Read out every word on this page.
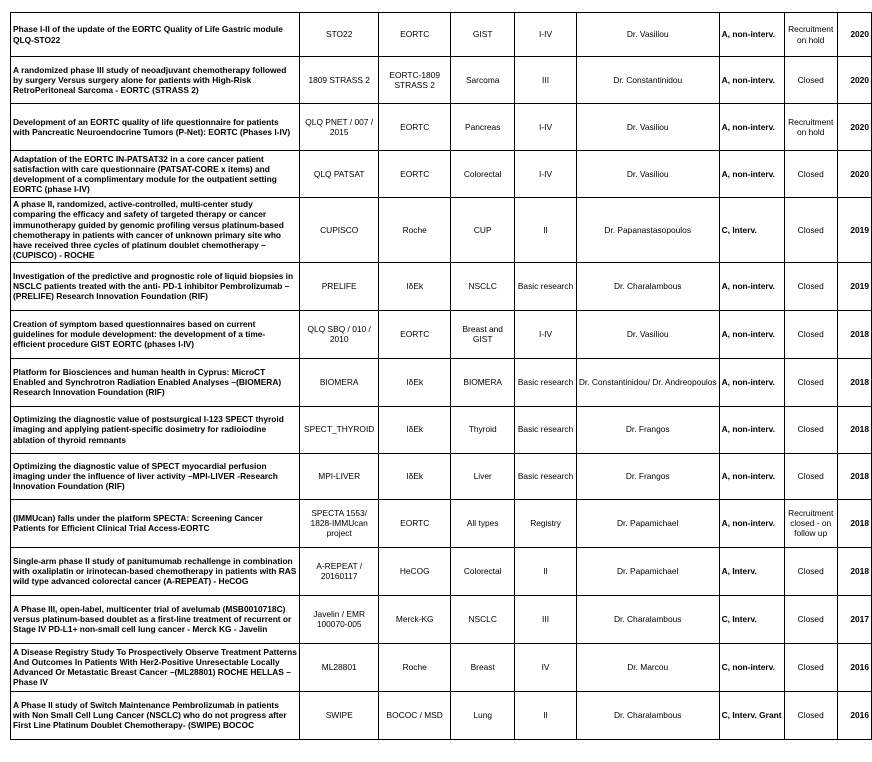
Phase I-II of the update of the EORTC Quality of Life Gastric module QLQ-STO22	STO22	EORTC	GIST	I-IV	Dr. Vasiliou	A, non-interv.	Recruitment on hold	2020
A randomized phase III study of neoadjuvant chemotherapy followed by surgery Versus surgery alone for patients with High-Risk RetroPeritoneal Sarcoma - EORTC (STRASS 2)	1809 STRASS 2	EORTC-1809 STRASS 2	Sarcoma	III	Dr. Constantinidou	A, non-interv.	Closed	2020
Development of an EORTC quality of life questionnaire for patients with Pancreatic Neuroendocrine Tumors (P-Net): EORTC (Phases I-IV)	QLQ PNET / 007 / 2015	EORTC	Pancreas	I-IV	Dr. Vasiliou	A, non-interv.	Recruitment on hold	2020
Adaptation of the EORTC IN-PATSAT32 in a core cancer patient satisfaction with care questionnaire (PATSAT-CORE x items) and development of a complimentary module for the outpatient setting EORTC (phase I-IV)	QLQ PATSAT	EORTC	Colorectal	I-IV	Dr. Vasiliou	A, non-interv.	Closed	2020
A phase II, randomized, active-controlled, multi-center study comparing the efficacy and safety of targeted therapy or cancer immunotherapy guided by genomic profiling versus platinum-based chemotherapy in patients with cancer of unknown primary site who have received three cycles of platinum doublet chemotherapy – (CUPISCO) - ROCHE	CUPISCO	Roche	CUP	II	Dr. Papanastasopoulos	C, Interv.	Closed	2019
Investigation of the predictive and prognostic role of liquid biopsies in NSCLC patients treated with the anti- PD-1 inhibitor Pembrolizumab – (PRELIFE) Research Innovation Foundation (RIF)	PRELIFE	IδEk	NSCLC	Basic research	Dr. Charalambous	A, non-interv.	Closed	2019
Creation of symptom based questionnaires based on current guidelines for module development: the development of a time-efficient procedure GIST EORTC (phases I-IV)	QLQ SBQ / 010 / 2010	EORTC	Breast and GIST	I-IV	Dr. Vasiliou	A, non-interv.	Closed	2018
Platform for Biosciences and human health in Cyprus: MicroCT Enabled and Synchrotron Radiation Enabled Analyses –(BIOMERA) Research Innovation Foundation (RIF)	BIOMERA	IδEk	BIOMERA	Basic research	Dr. Constantinidou/ Dr. Andreopoulos	A, non-interv.	Closed	2018
Optimizing the diagnostic value of postsurgical I-123 SPECT thyroid imaging and applying patient-specific dosimetry for radioiodine ablation of thyroid remnants	SPECT_THYROID	IδEk	Thyroid	Basic research	Dr. Frangos	A, non-interv.	Closed	2018
Optimizing the diagnostic value of SPECT myocardial perfusion imaging under the influence of liver activity –MPI-LIVER -Research Innovation Foundation (RIF)	MPI-LIVER	IδEk	Liver	Basic research	Dr. Frangos	A, non-interv.	Closed	2018
(IMMUcan) falls under the platform SPECTA: Screening Cancer Patients for Efficient Clinical Trial Access-EORTC	SPECTA 1553/ 1828-IMMUcan project	EORTC	All types	Registry	Dr. Papamichael	A, non-interv.	Recruitment closed - on follow up	2018
Single-arm phase II study of panitumumab rechallenge in combination with oxaliplatin or irinotecan-based chemotherapy in patients with RAS wild type advanced colorectal cancer (A-REPEAT) - HeCOG	A-REPEAT / 20160117	HeCOG	Colorectal	II	Dr. Papamichael	A, Interv.	Closed	2018
A Phase III, open-label, multicenter trial of avelumab (MSB0010718C) versus platinum-based doublet as a first-line treatment of recurrent or Stage IV PD-L1+ non-small cell lung cancer - Merck KG - Javelin	Javelin / EMR 100070-005	Merck-KG	NSCLC	III	Dr. Charalambous	C, Interv.	Closed	2017
A Disease Registry Study To Prospectively Observe Treatment Patterns And Outcomes In Patients With Her2-Positive Unresectable Locally Advanced Or Metastatic Breast Cancer –(ML28801) ROCHE HELLAS – Phase IV	ML28801	Roche	Breast	IV	Dr. Marcou	C, non-interv.	Closed	2016
A Phase II study of Switch Maintenance Pembrolizumab in patients with Non Small Cell Lung Cancer (NSCLC) who do not progress after First Line Platinum Doublet Chemotherapy- (SWIPE) BOCOC	SWIPE	BOCOC / MSD	Lung	II	Dr. Charalambous	C, Interv. Grant	Closed	2016
